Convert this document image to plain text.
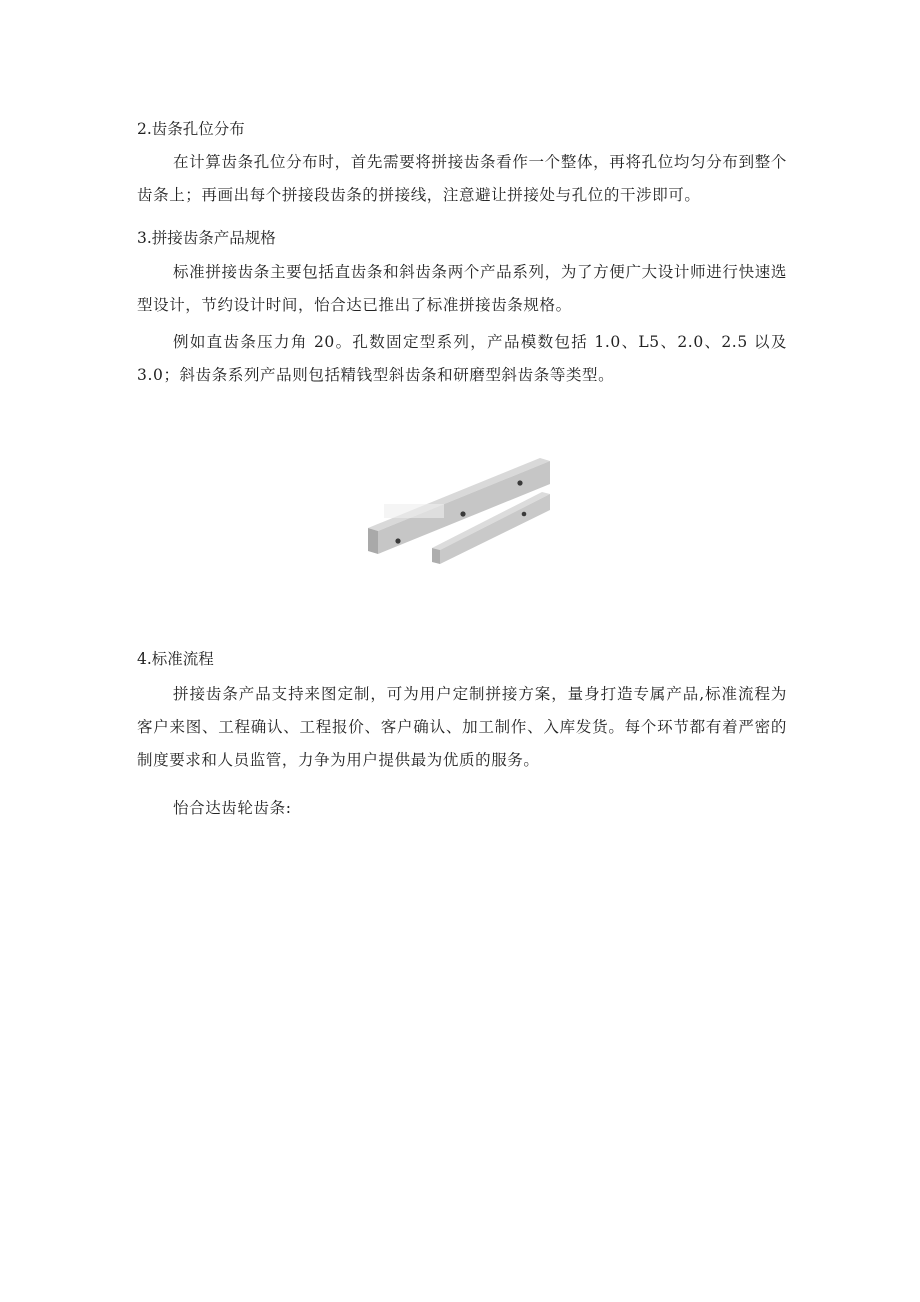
2.齿条孔位分布
在计算齿条孔位分布时，首先需要将拼接齿条看作一个整体，再将孔位均匀分布到整个齿条上；再画出每个拼接段齿条的拼接线，注意避让拼接处与孔位的干涉即可。
3.拼接齿条产品规格
标准拼接齿条主要包括直齿条和斜齿条两个产品系列，为了方便广大设计师进行快速选型设计，节约设计时间，怡合达已推出了标准拼接齿条规格。
例如直齿条压力角 20。孔数固定型系列，产品模数包括 1.0、L5、2.0、2.5 以及 3.0；斜齿条系列产品则包括精钱型斜齿条和研磨型斜齿条等类型。
4.标准流程
拼接齿条产品支持来图定制，可为用户定制拼接方案，量身打造专属产品,标准流程为客户来图、工程确认、工程报价、客户确认、加工制作、入库发货。每个环节都有着严密的制度要求和人员监管，力争为用户提供最为优质的服务。
怡合达齿轮齿条:
